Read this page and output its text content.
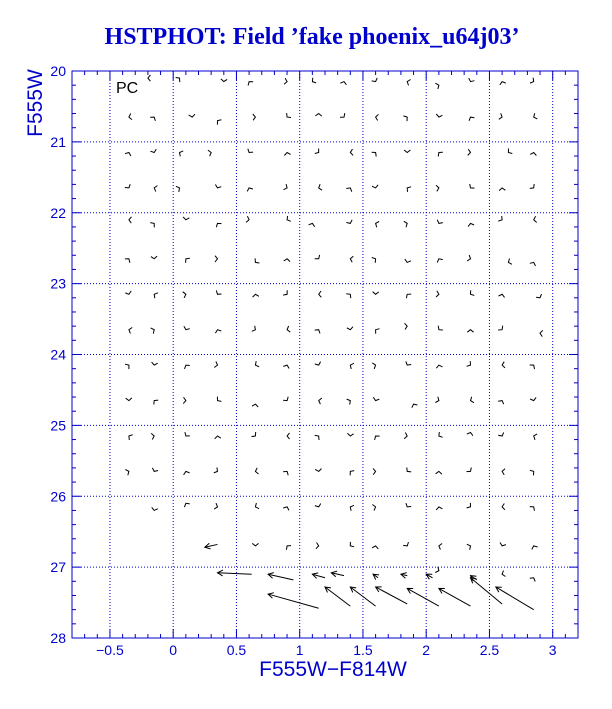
HSTPHOT: Field ’fake phoenix_u64j03’
−0.5	0	0.5	1	1.5	2	2.5	3
20
21
22
23
24
25
26
27
28
PC
F555W−F814W
F555W
